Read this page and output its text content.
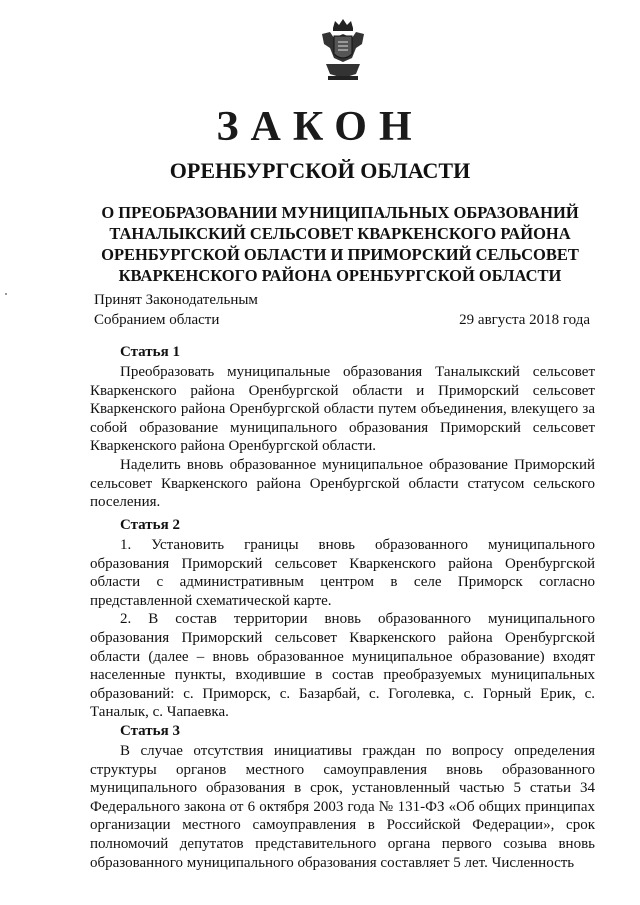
ЗАКОН
ОРЕНБУРГСКОЙ ОБЛАСТИ
О ПРЕОБРАЗОВАНИИ МУНИЦИПАЛЬНЫХ ОБРАЗОВАНИЙ
ТАНАЛЫКСКИЙ СЕЛЬСОВЕТ КВАРКЕНСКОГО РАЙОНА
ОРЕНБУРГСКОЙ ОБЛАСТИ И ПРИМОРСКИЙ СЕЛЬСОВЕТ
КВАРКЕНСКОГО РАЙОНА ОРЕНБУРГСКОЙ ОБЛАСТИ
Принят Законодательным
Собранием области	29 августа 2018 года
Статья 1

Преобразовать муниципальные образования Таналыкский сельсовет Кваркенского района Оренбургской области и Приморский сельсовет Кваркенского района Оренбургской области путем объединения, влекущего за собой образование муниципального образования Приморский сельсовет Кваркенского района Оренбургской области.

Наделить вновь образованное муниципальное образование Приморский сельсовет Кваркенского района Оренбургской области статусом сельского поселения.

Статья 2

1. Установить границы вновь образованного муниципального образования Приморский сельсовет Кваркенского района Оренбургской области с административным центром в селе Приморск согласно представленной схематической карте.

2. В состав территории вновь образованного муниципального образования Приморский сельсовет Кваркенского района Оренбургской области (далее – вновь образованное муниципальное образование) входят населенные пункты, входившие в состав преобразуемых муниципальных образований: с. Приморск, с. Базарбай, с. Гоголевка, с. Горный Ерик, с. Таналык, с. Чапаевка.

Статья 3

В случае отсутствия инициативы граждан по вопросу определения структуры органов местного самоуправления вновь образованного муниципального образования в срок, установленный частью 5 статьи 34 Федерального закона от 6 октября 2003 года № 131-ФЗ «Об общих принципах организации местного самоуправления в Российской Федерации», срок полномочий депутатов представительного органа первого созыва вновь образованного муниципального образования составляет 5 лет. Численность
